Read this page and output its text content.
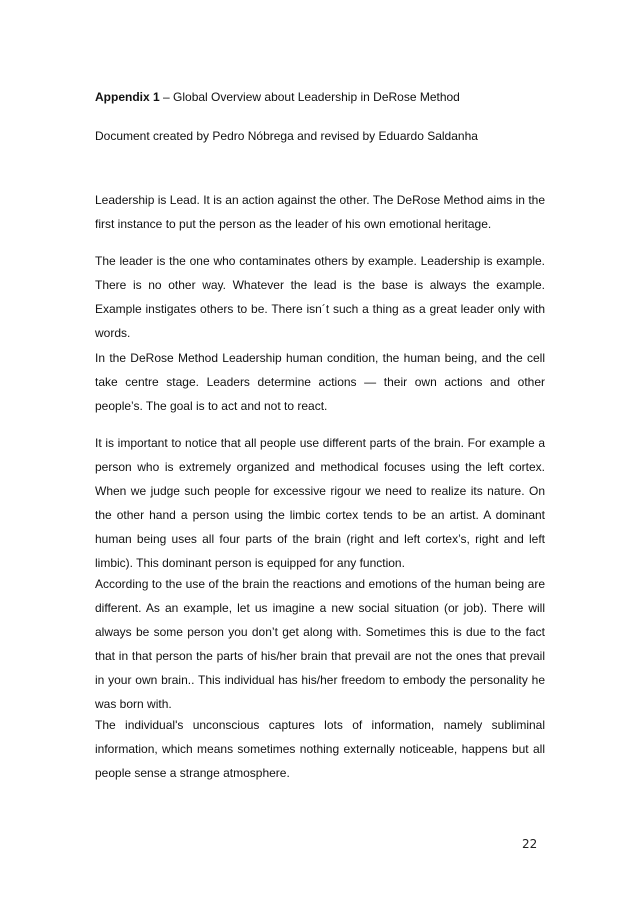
Appendix 1 – Global Overview about Leadership in DeRose Method

Document created by Pedro Nóbrega and revised by Eduardo Saldanha

Leadership is Lead. It is an action against the other. The DeRose Method aims in the first instance to put the person as the leader of his own emotional heritage.

The leader is the one who contaminates others by example. Leadership is example. There is no other way. Whatever the lead is the base is always the example. Example instigates others to be. There isn´t such a thing as a great leader only with words.

In the DeRose Method Leadership human condition, the human being, and the cell take centre stage. Leaders determine actions — their own actions and other people’s. The goal is to act and not to react.

It is important to notice that all people use different parts of the brain. For example a person who is extremely organized and methodical focuses using the left cortex. When we judge such people for excessive rigour we need to realize its nature. On the other hand a person using the limbic cortex tends to be an artist. A dominant human being uses all four parts of the brain (right and left cortex’s, right and left limbic). This dominant person is equipped for any function.

According to the use of the brain the reactions and emotions of the human being are different. As an example, let us imagine a new social situation (or job). There will always be some person you don’t get along with. Sometimes this is due to the fact that in that person the parts of his/her brain that prevail are not the ones that prevail in your own brain.. This individual has his/her freedom to embody the personality he was born with.

The individual's unconscious captures lots of information, namely subliminal information, which means sometimes nothing externally noticeable, happens but all people sense a strange atmosphere.

22
